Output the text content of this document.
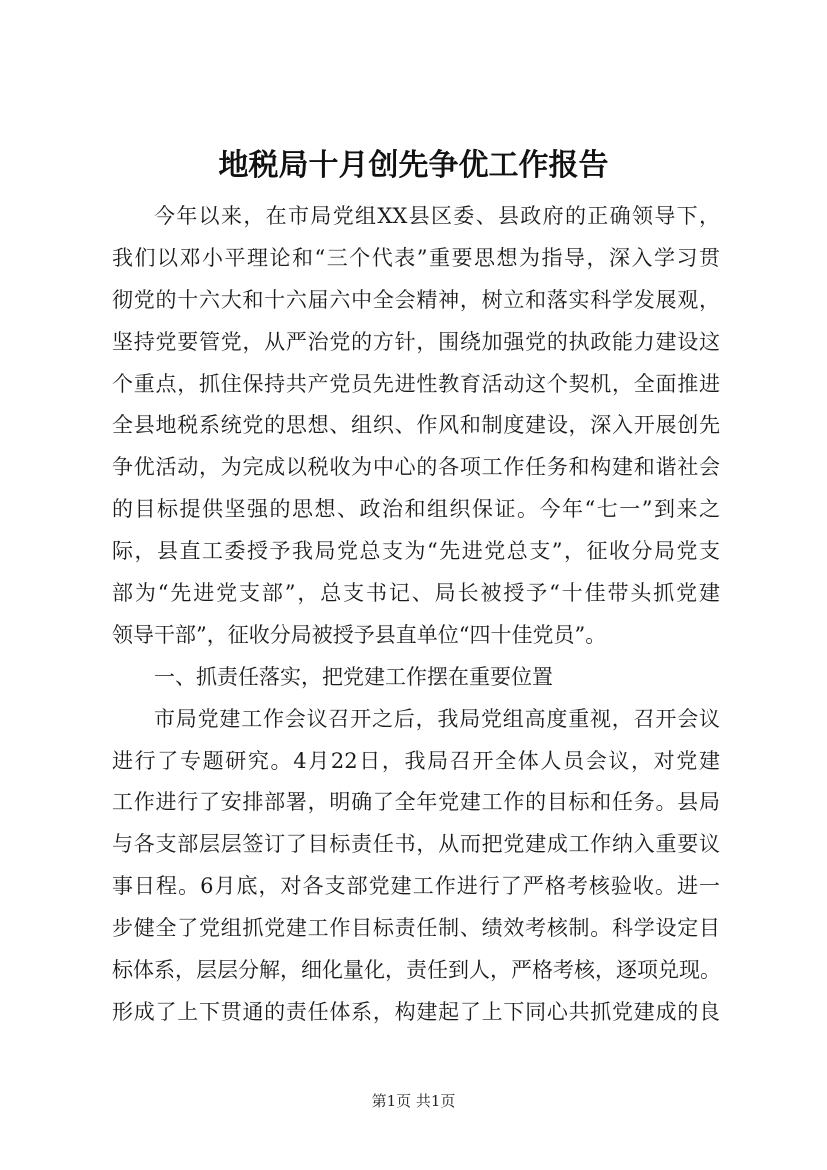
地税局十月创先争优工作报告
今年以来，在市局党组XX县区委、县政府的正确领导下，
我们以邓小平理论和“三个代表”重要思想为指导，深入学习贯
彻党的十六大和十六届六中全会精神，树立和落实科学发展观，
坚持党要管党，从严治党的方针，围绕加强党的执政能力建设这
个重点，抓住保持共产党员先进性教育活动这个契机，全面推进
全县地税系统党的思想、组织、作风和制度建设，深入开展创先
争优活动，为完成以税收为中心的各项工作任务和构建和谐社会
的目标提供坚强的思想、政治和组织保证。今年“七一”到来之
际，县直工委授予我局党总支为“先进党总支”，征收分局党支
部为“先进党支部”，总支书记、局长被授予“十佳带头抓党建
领导干部”，征收分局被授予县直单位“四十佳党员”。
一、抓责任落实，把党建工作摆在重要位置
市局党建工作会议召开之后，我局党组高度重视，召开会议
进行了专题研究。4月22日，我局召开全体人员会议，对党建
工作进行了安排部署，明确了全年党建工作的目标和任务。县局
与各支部层层签订了目标责任书，从而把党建成工作纳入重要议
事日程。6月底，对各支部党建工作进行了严格考核验收。进一
步健全了党组抓党建工作目标责任制、绩效考核制。科学设定目
标体系，层层分解，细化量化，责任到人，严格考核，逐项兑现。
形成了上下贯通的责任体系，构建起了上下同心共抓党建成的良
第1页 共1页
